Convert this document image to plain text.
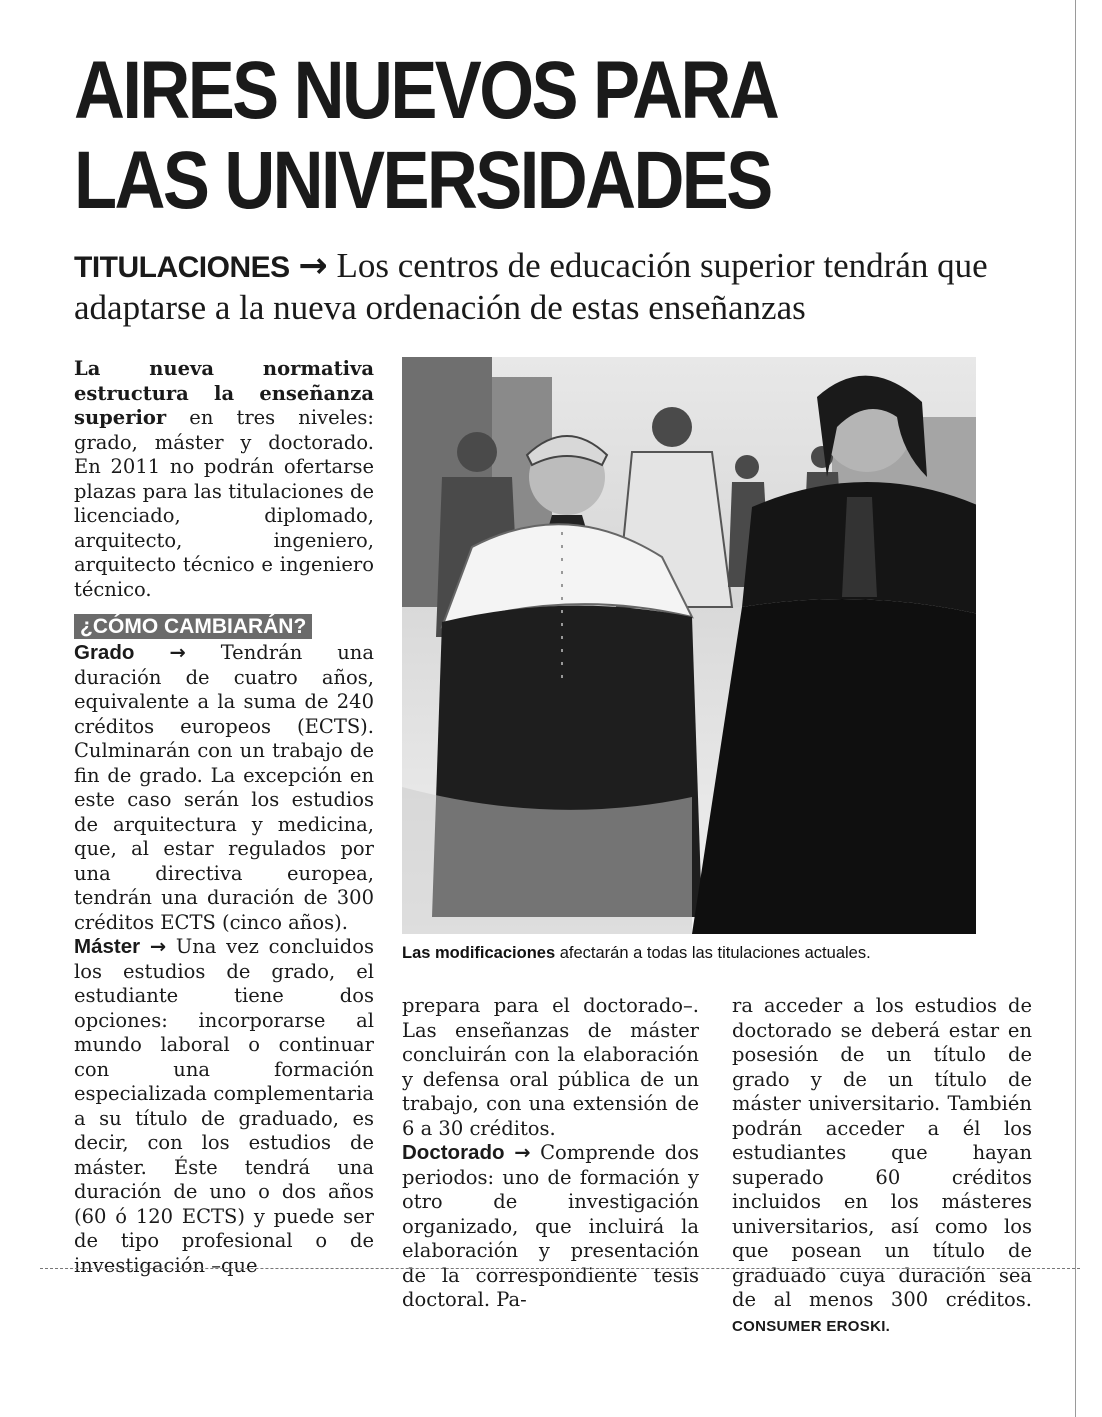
AIRES NUEVOS PARA
LAS UNIVERSIDADES
TITULACIONES → Los centros de educación superior tendrán que adaptarse a la nueva ordenación de estas enseñanzas

La nueva normativa estructura la enseñanza superior en tres niveles: grado, máster y doctorado. En 2011 no podrán ofertarse plazas para las titulaciones de licenciado, diplomado, arquitecto, ingeniero, arquitecto técnico e ingeniero técnico.

¿CÓMO CAMBIARÁN?

Grado → Tendrán una duración de cuatro años, equivalente a la suma de 240 créditos europeos (ECTS). Culminarán con un trabajo de fin de grado. La excepción en este caso serán los estudios de arquitectura y medicina, que, al estar regulados por una directiva europea, tendrán una duración de 300 créditos ECTS (cinco años).

Máster → Una vez concluidos los estudios de grado, el estudiante tiene dos opciones: incorporarse al mundo laboral o continuar con una formación especializada complementaria a su título de graduado, es decir, con los estudios de máster. Éste tendrá una duración de uno o dos años (60 ó 120 ECTS) y puede ser de tipo profesional o de investigación –que

Las modificaciones afectarán a todas las titulaciones actuales.

prepara para el doctorado–. Las enseñanzas de máster concluirán con la elaboración y defensa oral pública de un trabajo, con una extensión de 6 a 30 créditos.

Doctorado → Comprende dos periodos: uno de formación y otro de investigación organizado, que incluirá la elaboración y presentación de la correspondiente tesis doctoral. Pa-

ra acceder a los estudios de doctorado se deberá estar en posesión de un título de grado y de un título de máster universitario. También podrán acceder a él los estudiantes que hayan superado 60 créditos incluidos en los másteres universitarios, así como los que posean un título de graduado cuya duración sea de al menos 300 créditos. CONSUMER EROSKI.
